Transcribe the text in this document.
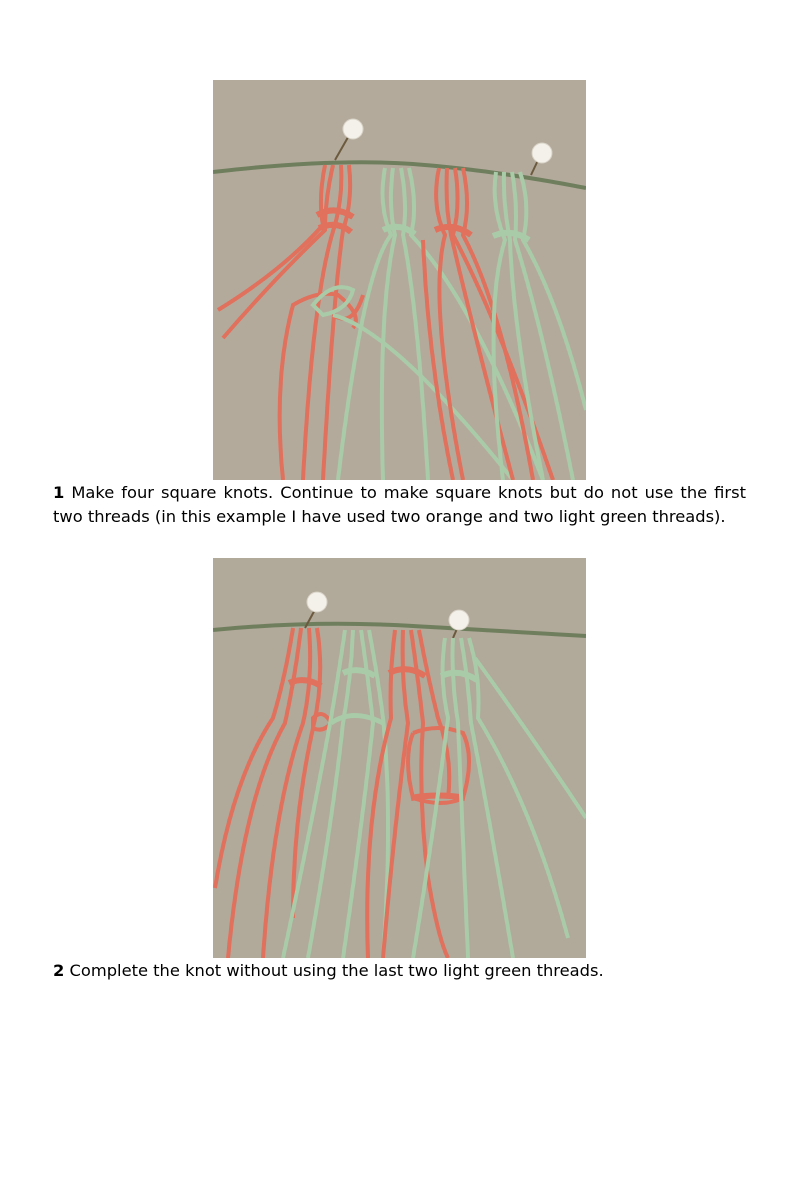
1 Make four square knots. Continue to make square knots but do not use the first two threads (in this example I have used two orange and two light green threads).

2 Complete the knot without using the last two light green threads.
